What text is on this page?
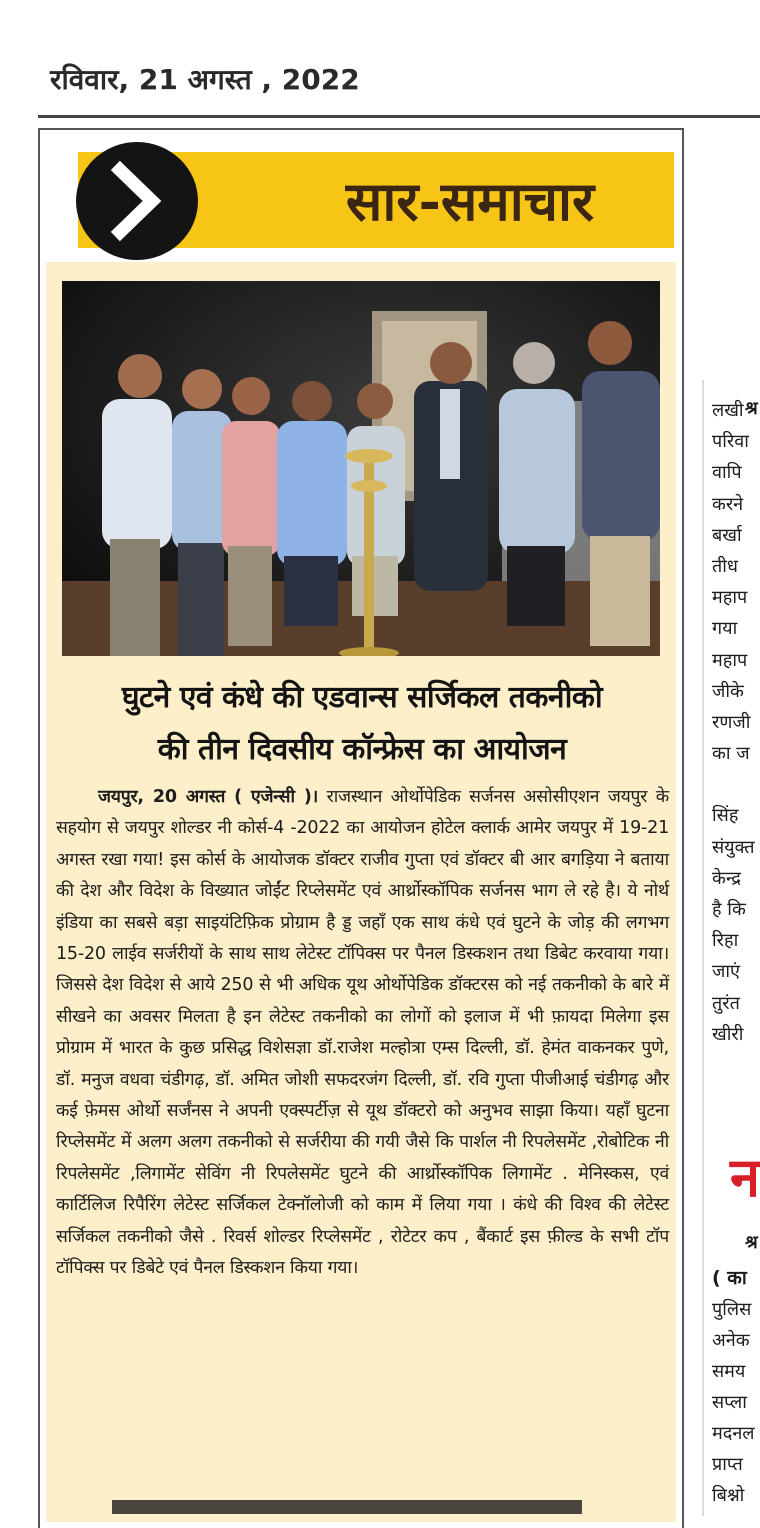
रविवार, 21 अगस्त , 2022
सार-समाचार
घुटने एवं कंधे की एडवान्स सर्जिकल तकनीको
की तीन दिवसीय कॉन्फ्रेस का आयोजन
जयपुर, 20 अगस्त ( एजेन्सी )। राजस्थान ओर्थोपेडिक सर्जनस असोसीएशन जयपुर के सहयोग से जयपुर शोल्डर नी कोर्स-4 -2022 का आयोजन होटेल क्लार्क आमेर जयपुर में 19-21 अगस्त रखा गया! इस कोर्स के आयोजक डॉक्टर राजीव गुप्ता एवं डॉक्टर बी आर बगड़िया ने बताया की देश और विदेश के विख्यात जोईंट रिप्लेसमेंट एवं आर्थ्रोस्कॉपिक सर्जनस भाग ले रहे है। ये नोर्थ इंडिया का सबसे बड़ा साइयंटिफ़िक प्रोग्राम है ड्ड जहाँ एक साथ कंधे एवं घुटने के जोड़ की लगभग 15-20 लाईव सर्जरीयों के साथ साथ लेटेस्ट टॉपिक्स पर पैनल डिस्कशन तथा डिबेट करवाया गया। जिससे देश विदेश से आये 250 से भी अधिक यूथ ओर्थोपेडिक डॉक्टरस को नई तकनीको के बारे में सीखने का अवसर मिलता है इन लेटेस्ट तकनीको का लोगों को इलाज में भी फ़ायदा मिलेगा इस प्रोग्राम में भारत के कुछ प्रसिद्ध विशेसज्ञा डॉ.राजेश मल्होत्रा एम्स दिल्ली, डॉ. हेमंत वाकनकर पुणे, डॉ. मनुज वधवा चंडीगढ़, डॉ. अमित जोशी सफदरजंग दिल्ली, डॉ. रवि गुप्ता पीजीआई चंडीगढ़ और कई फ़ेमस ओर्थो सर्जंनस ने अपनी एक्स्पर्टीज़ से यूथ डॉक्टरो को अनुभव साझा किया। यहाँ घुटना रिप्लेसमेंट में अलग अलग तकनीको से सर्जरीया की गयी जैसे कि पार्शल नी रिपलेसमेंट ,रोबोटिक नी रिपलेसमेंट ,लिगामेंट सेविंग नी रिपलेसमेंट घुटने की आर्थ्रोस्कॉपिक लिगामेंट . मेनिस्कस, एवं कार्टिलिज रिपैरिंग लेटेस्ट सर्जिकल टेक्नॉलोजी को काम में लिया गया । कंधे की विश्व की लेटेस्ट सर्जिकल तकनीको जैसे . रिवर्स शोल्डर रिप्लेसमेंट , रोटेटर कप , बैंकार्ट इस फ़ील्ड के सभी टॉप टॉपिक्स पर डिबेटे एवं पैनल डिस्कशन किया गया।
श्र
लखी
परिवा
वापि
करने
बर्खा
तीध
महाप
गया
महाप
जीके
रणजी
का ज
सिंह
संयुक्त
केन्द्र
है कि
रिहा
जाएं
तुरंत
खीरी
न
श्र
( का
पुलिस
अनेक
समय
सप्ला
मदनल
प्राप्त
बिश्नो
